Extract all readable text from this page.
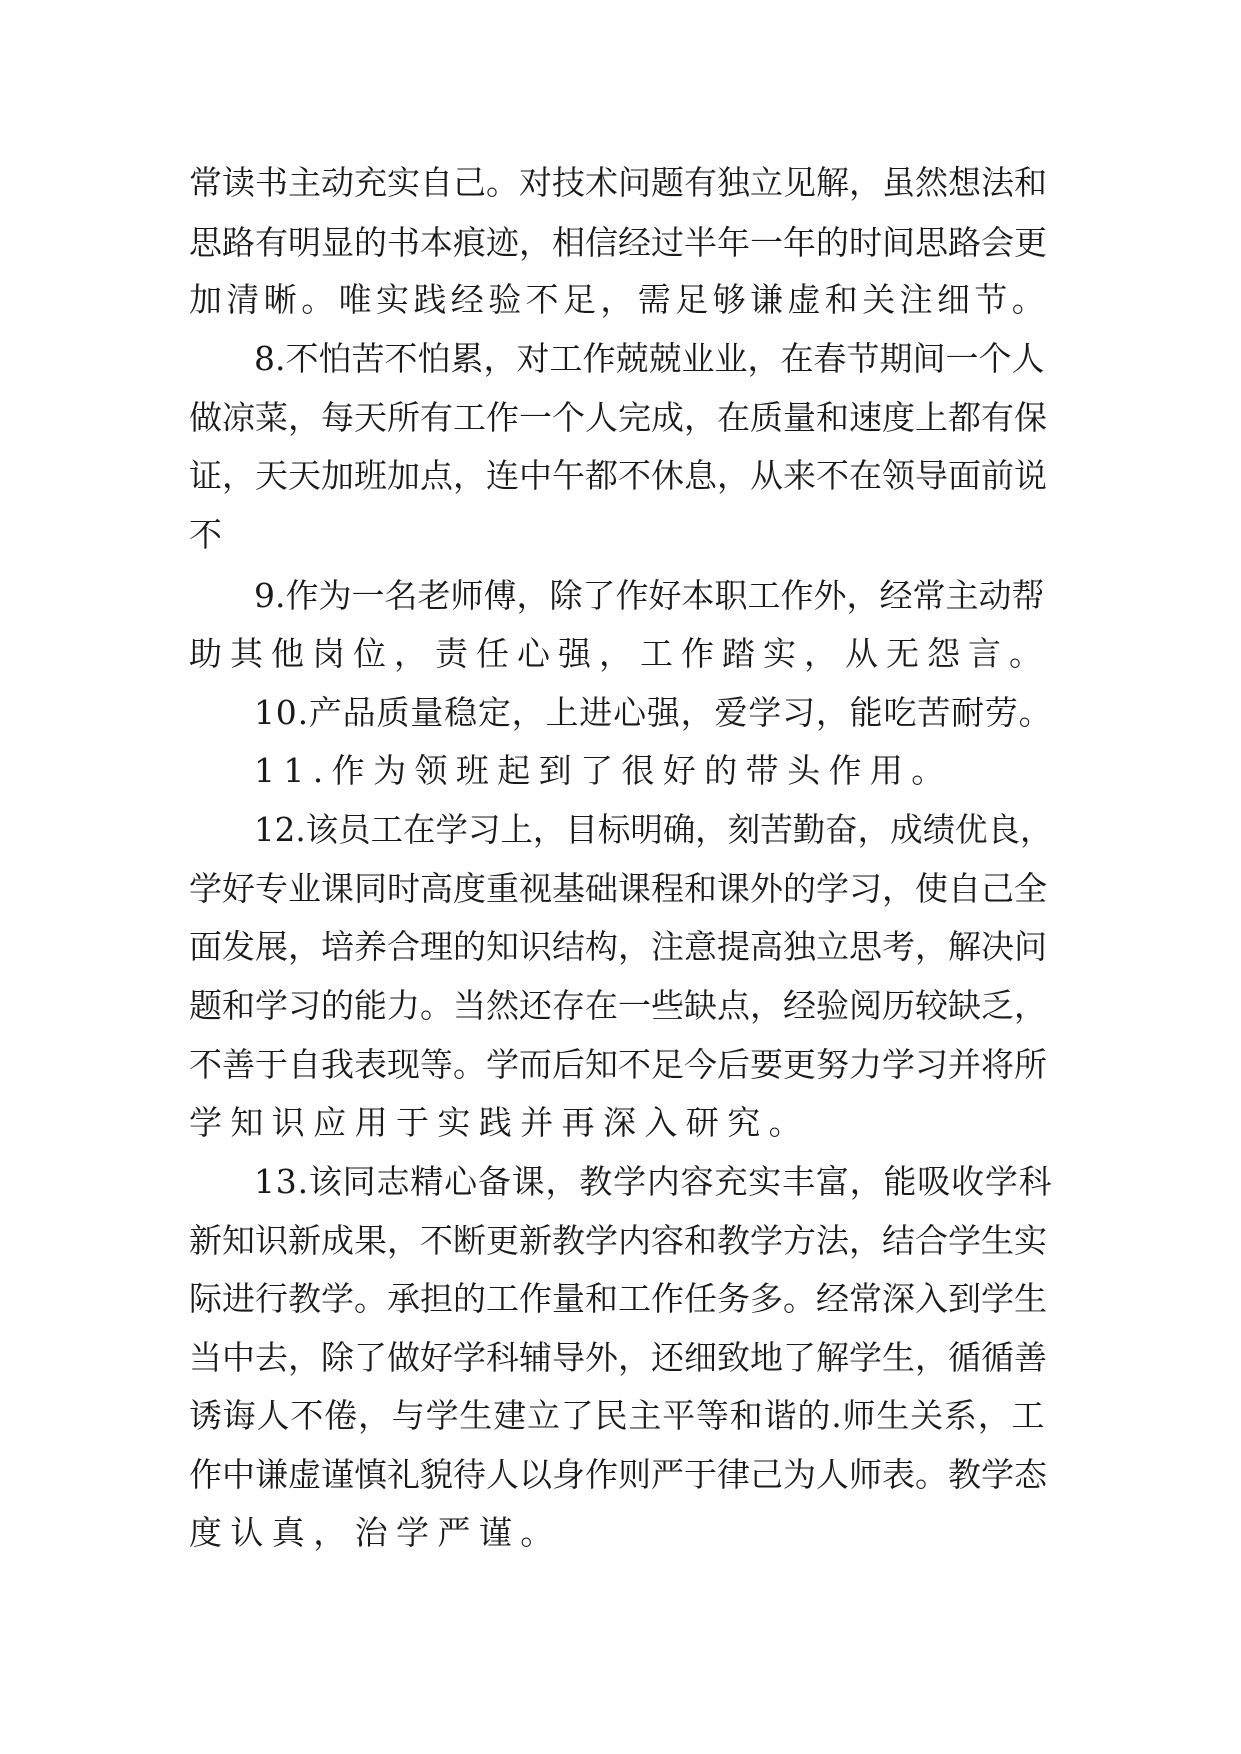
常读书主动充实自己。对技术问题有独立见解，虽然想法和

思路有明显的书本痕迹，相信经过半年一年的时间思路会更

加清晰。唯实践经验不足，需足够谦虚和关注细节。

8.不怕苦不怕累，对工作兢兢业业，在春节期间一个人

做凉菜，每天所有工作一个人完成，在质量和速度上都有保

证，天天加班加点，连中午都不休息，从来不在领导面前说

不

9.作为一名老师傅，除了作好本职工作外，经常主动帮

助其他岗位，责任心强，工作踏实，从无怨言。

10.产品质量稳定，上进心强，爱学习，能吃苦耐劳。

11.作为领班起到了很好的带头作用。

12.该员工在学习上，目标明确，刻苦勤奋，成绩优良，

学好专业课同时高度重视基础课程和课外的学习，使自己全

面发展，培养合理的知识结构，注意提高独立思考，解决问

题和学习的能力。当然还存在一些缺点，经验阅历较缺乏，

不善于自我表现等。学而后知不足今后要更努力学习并将所

学知识应用于实践并再深入研究。

13.该同志精心备课，教学内容充实丰富，能吸收学科

新知识新成果，不断更新教学内容和教学方法，结合学生实

际进行教学。承担的工作量和工作任务多。经常深入到学生

当中去，除了做好学科辅导外，还细致地了解学生，循循善

诱诲人不倦，与学生建立了民主平等和谐的.师生关系，工

作中谦虚谨慎礼貌待人以身作则严于律己为人师表。教学态

度认真，治学严谨。
